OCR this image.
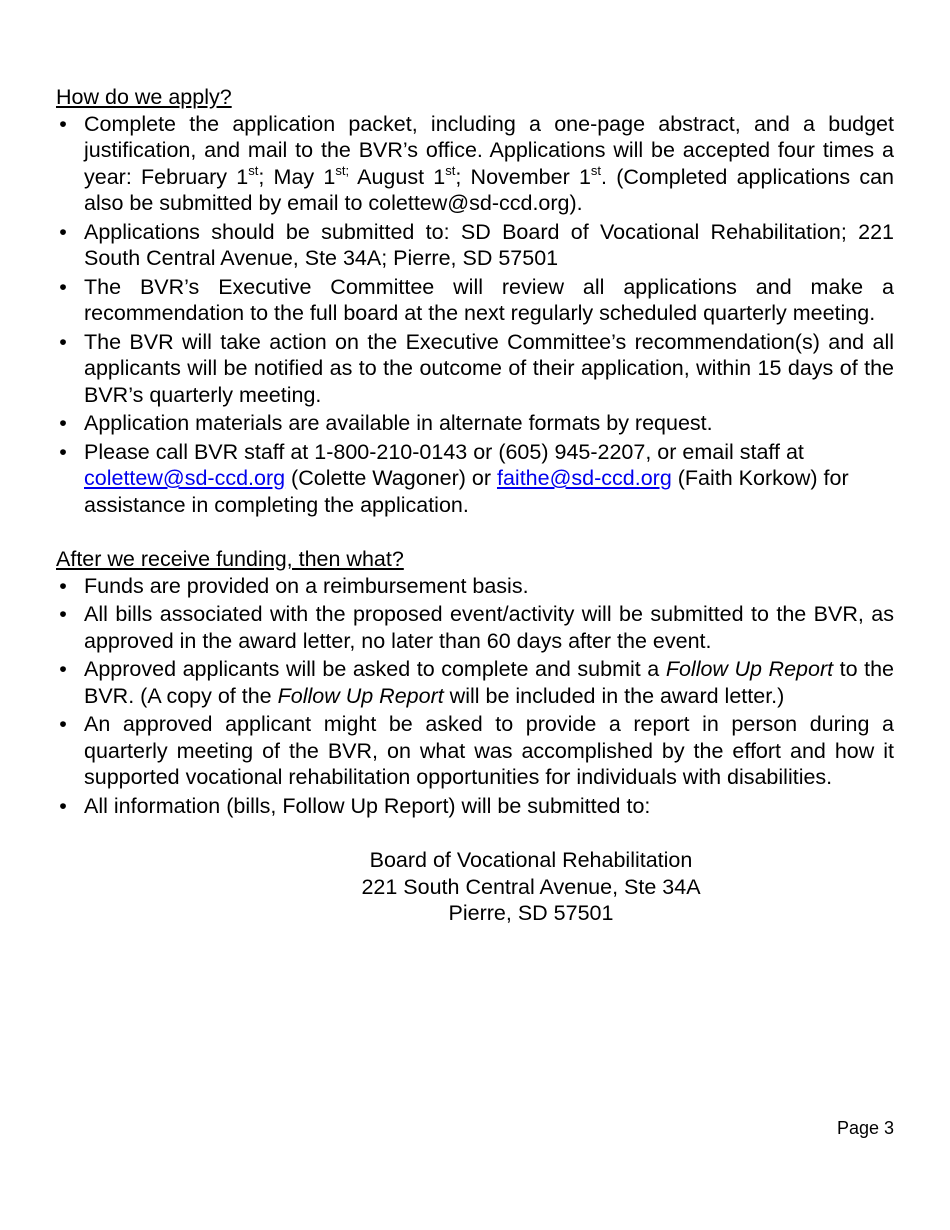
How do we apply?
• Complete the application packet, including a one-page abstract, and a budget justification, and mail to the BVR’s office. Applications will be accepted four times a year: February 1st; May $1^{st;}$ August 1st; November 1st. (Completed applications can also be submitted by email to colettew@sd-ccd.org).
• Applications should be submitted to: SD Board of Vocational Rehabilitation; 221 South Central Avenue, Ste 34A; Pierre, SD 57501
• The BVR’s Executive Committee will review all applications and make a recommendation to the full board at the next regularly scheduled quarterly meeting.
• The BVR will take action on the Executive Committee’s recommendation(s) and all applicants will be notified as to the outcome of their application, within 15 days of the BVR’s quarterly meeting.
• Application materials are available in alternate formats by request.
• Please call BVR staff at 1-800-210-0143 or (605) 945-2207, or email staff at colettew@sd-ccd.org (Colette Wagoner) or faithe@sd-ccd.org (Faith Korkow) for assistance in completing the application.
After we receive funding, then what?
• Funds are provided on a reimbursement basis.
• All bills associated with the proposed event/activity will be submitted to the BVR, as approved in the award letter, no later than 60 days after the event.
• Approved applicants will be asked to complete and submit a Follow Up Report to the BVR. (A copy of the Follow Up Report will be included in the award letter.)
• An approved applicant might be asked to provide a report in person during a quarterly meeting of the BVR, on what was accomplished by the effort and how it supported vocational rehabilitation opportunities for individuals with disabilities.
• All information (bills, Follow Up Report) will be submitted to:
Board of Vocational Rehabilitation
221 South Central Avenue, Ste 34A
Pierre, SD 57501
Page 3
